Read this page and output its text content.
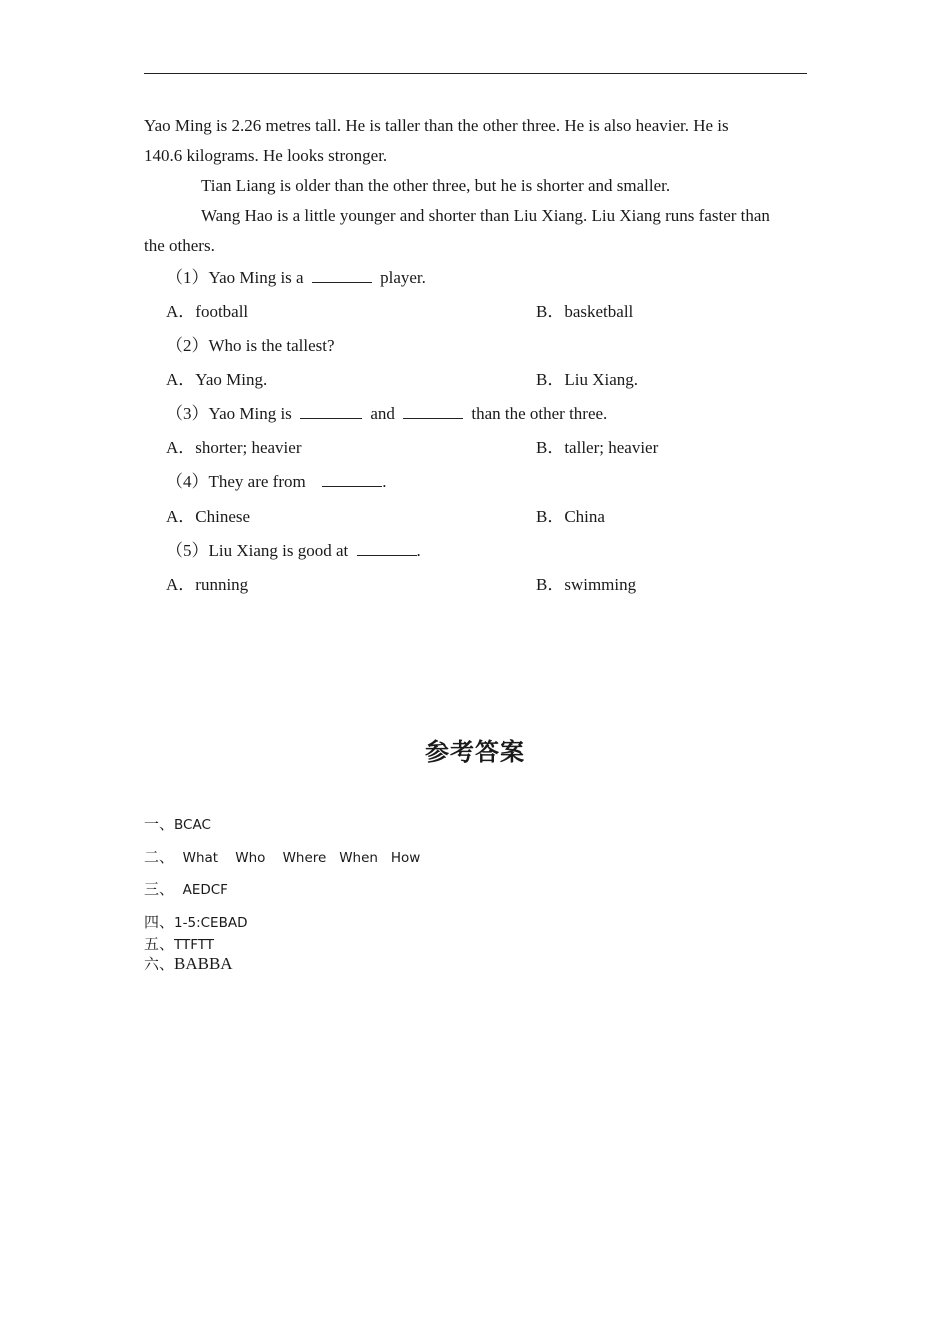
Yao Ming is 2.26 metres tall. He is taller than the other three. He is also heavier. He is
140.6 kilograms. He looks stronger.
Tian Liang is older than the other three, but he is shorter and smaller.
Wang Hao is a little younger and shorter than Liu Xiang. Liu Xiang runs faster than
the others.
（1）Yao Ming is a	player.
A．football	B．basketball
（2）Who is the tallest?
A．Yao Ming.	B．Liu Xiang.
（3）Yao Ming is	and	than the other three.
A．shorter; heavier	B．taller; heavier
（4）They are from	.
A．Chinese	B．China
（5）Liu Xiang is good at	.
A．running	B．swimming
参考答案
一、BCAC
二、  What    Who    Where   When   How
三、  AEDCF
四、1-5:CEBAD
五、TTFTT
六、BABBA
